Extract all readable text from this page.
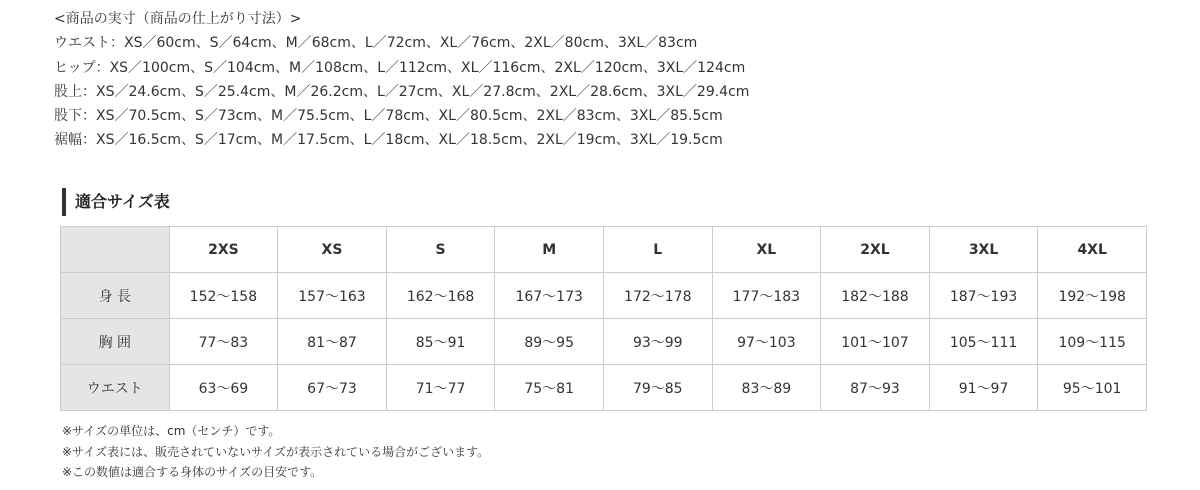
<商品の実寸（商品の仕上がり寸法）>
ウエスト：XS／60cm、S／64cm、M／68cm、L／72cm、XL／76cm、2XL／80cm、3XL／83cm
ヒップ：XS／100cm、S／104cm、M／108cm、L／112cm、XL／116cm、2XL／120cm、3XL／124cm
股上：XS／24.6cm、S／25.4cm、M／26.2cm、L／27cm、XL／27.8cm、2XL／28.6cm、3XL／29.4cm
股下：XS／70.5cm、S／73cm、M／75.5cm、L／78cm、XL／80.5cm、2XL／83cm、3XL／85.5cm
裾幅：XS／16.5cm、S／17cm、M／17.5cm、L／18cm、XL／18.5cm、2XL／19cm、3XL／19.5cm
適合サイズ表
	2XS	XS	S	M	L	XL	2XL	3XL	4XL
身 長	152～158	157～163	162～168	167～173	172～178	177～183	182～188	187～193	192～198
胸 囲	77～83	81～87	85～91	89～95	93～99	97～103	101～107	105～111	109～115
ウエスト	63～69	67～73	71～77	75～81	79～85	83～89	87～93	91～97	95～101
※サイズの単位は、cm（センチ）です。
※サイズ表には、販売されていないサイズが表示されている場合がございます。
※この数値は適合する身体のサイズの目安です。
